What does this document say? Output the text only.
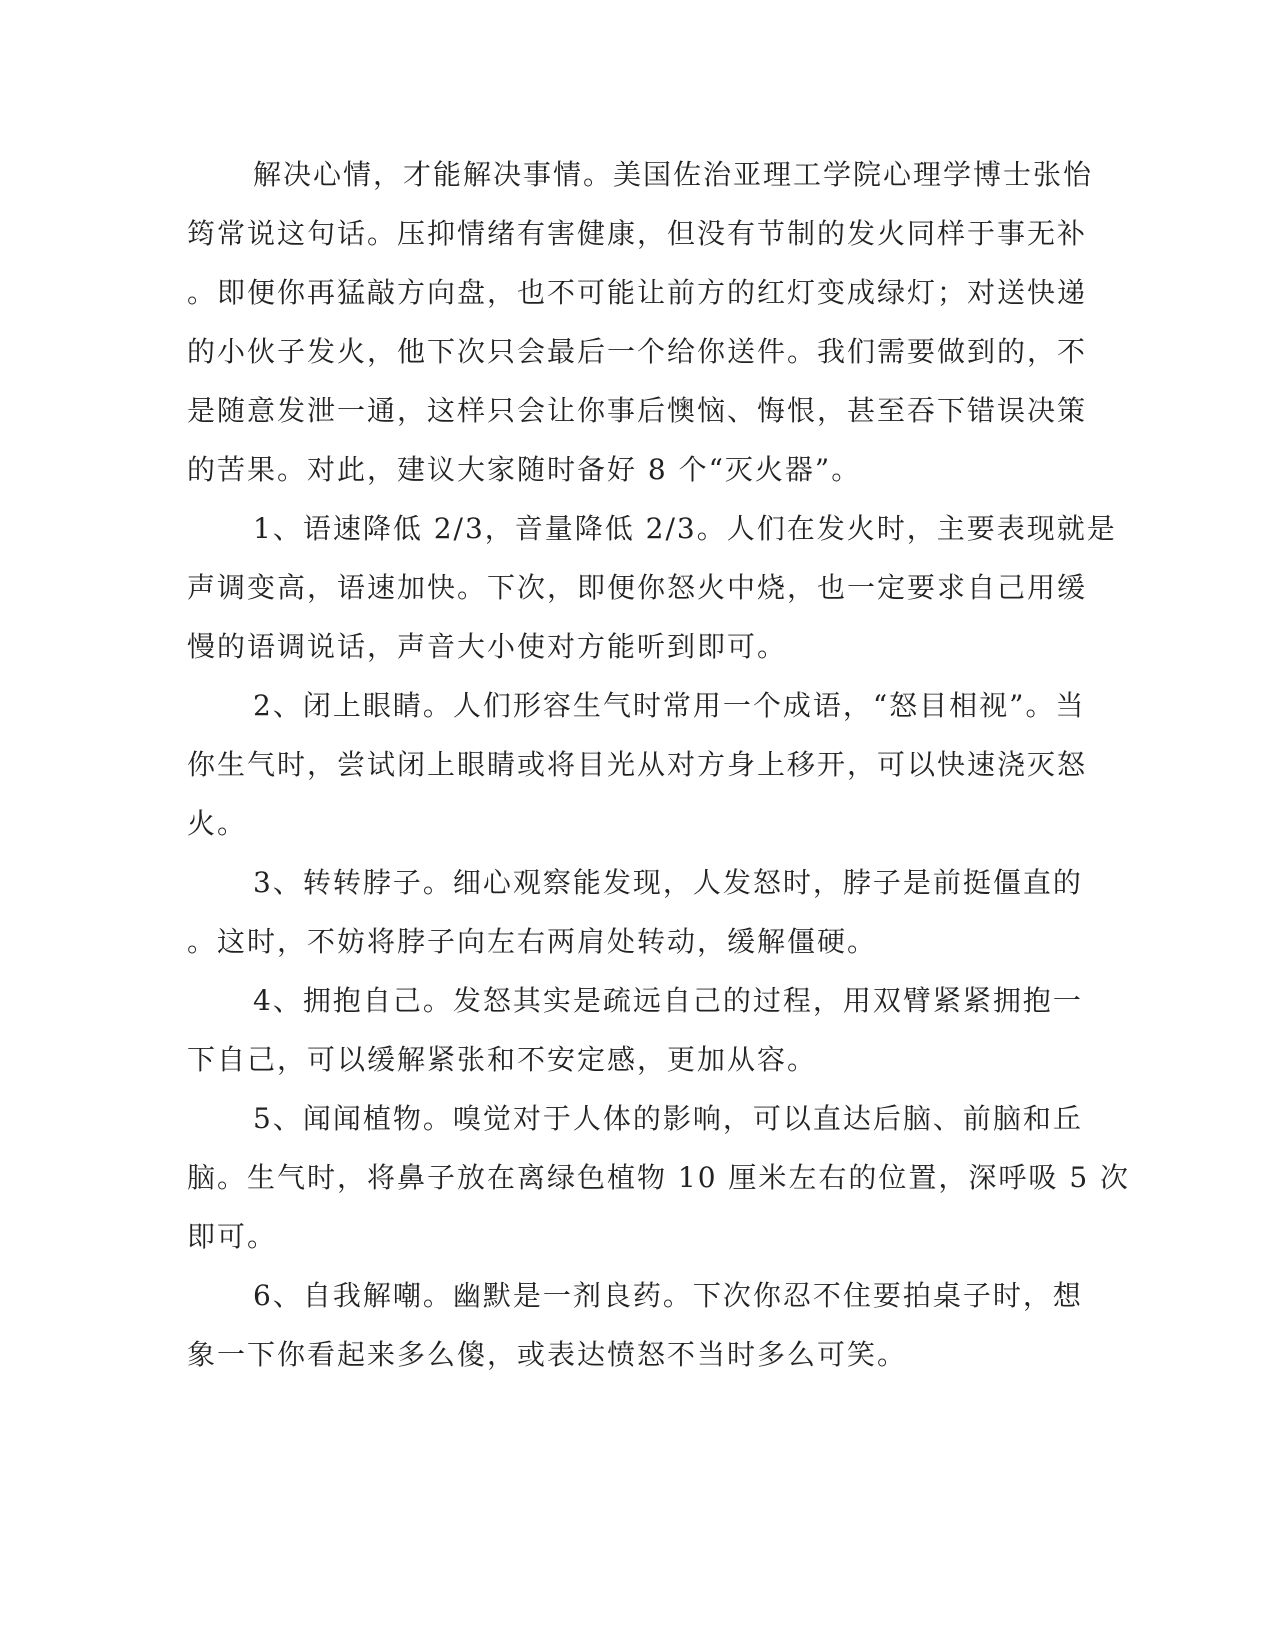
解决心情，才能解决事情。美国佐治亚理工学院心理学博士张怡
筠常说这句话。压抑情绪有害健康，但没有节制的发火同样于事无补
。即便你再猛敲方向盘，也不可能让前方的红灯变成绿灯；对送快递
的小伙子发火，他下次只会最后一个给你送件。我们需要做到的，不
是随意发泄一通，这样只会让你事后懊恼、悔恨，甚至吞下错误决策
的苦果。对此，建议大家随时备好 8 个“灭火器”。
1、语速降低 2/3，音量降低 2/3。人们在发火时，主要表现就是
声调变高，语速加快。下次，即便你怒火中烧，也一定要求自己用缓
慢的语调说话，声音大小使对方能听到即可。
2、闭上眼睛。人们形容生气时常用一个成语，“怒目相视”。当
你生气时，尝试闭上眼睛或将目光从对方身上移开，可以快速浇灭怒
火。
3、转转脖子。细心观察能发现，人发怒时，脖子是前挺僵直的
。这时，不妨将脖子向左右两肩处转动，缓解僵硬。
4、拥抱自己。发怒其实是疏远自己的过程，用双臂紧紧拥抱一
下自己，可以缓解紧张和不安定感，更加从容。
5、闻闻植物。嗅觉对于人体的影响，可以直达后脑、前脑和丘
脑。生气时，将鼻子放在离绿色植物 10 厘米左右的位置，深呼吸 5 次
即可。
6、自我解嘲。幽默是一剂良药。下次你忍不住要拍桌子时，想
象一下你看起来多么傻，或表达愤怒不当时多么可笑。
